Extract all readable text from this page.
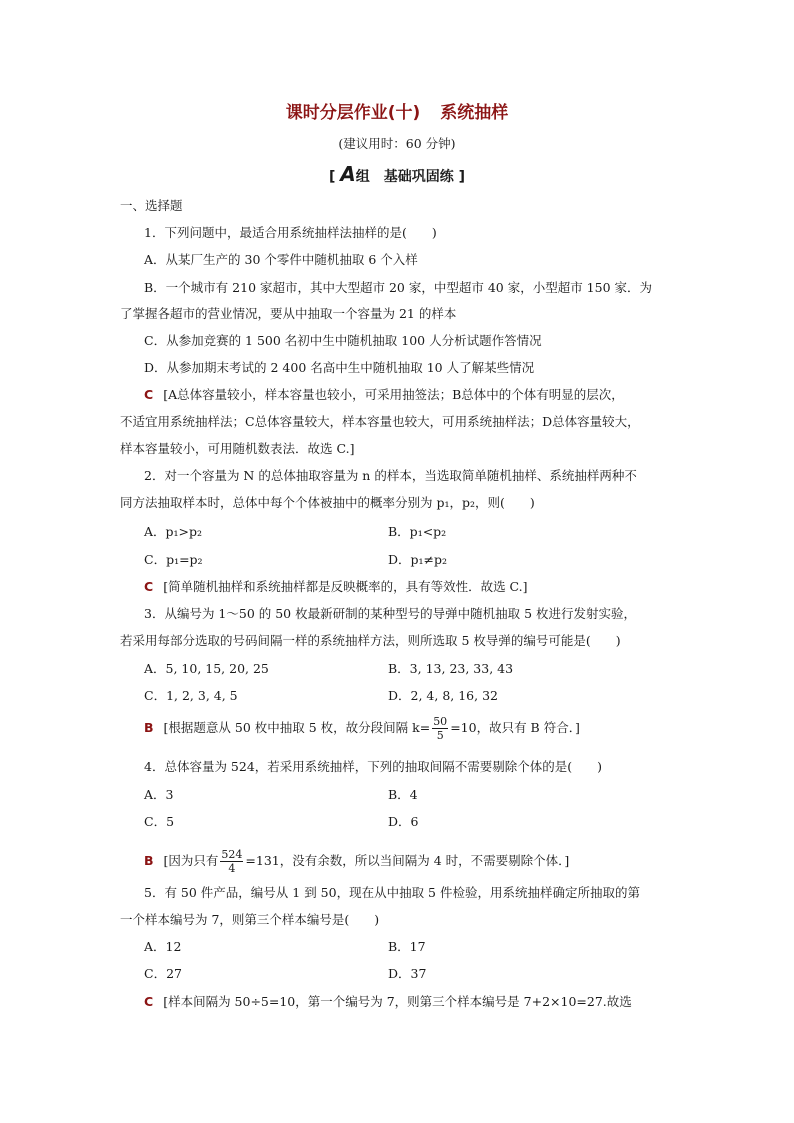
课时分层作业(十) 系统抽样
(建议用时：60 分钟)
[ A组　基础巩固练 ]
一、选择题
1．下列问题中，最适合用系统抽样法抽样的是(　　)
A．从某厂生产的 30 个零件中随机抽取 6 个入样
B．一个城市有 210 家超市，其中大型超市 20 家，中型超市 40 家，小型超市 150 家．为
了掌握各超市的营业情况，要从中抽取一个容量为 21 的样本
C．从参加竞赛的 1 500 名初中生中随机抽取 100 人分析试题作答情况
D．从参加期末考试的 2 400 名高中生中随机抽取 10 人了解某些情况
C [A总体容量较小，样本容量也较小，可采用抽签法；B总体中的个体有明显的层次，
不适宜用系统抽样法；C总体容量较大，样本容量也较大，可用系统抽样法；D总体容量较大，
样本容量较小，可用随机数表法．故选 C.]
2．对一个容量为 N 的总体抽取容量为 n 的样本，当选取简单随机抽样、系统抽样两种不
同方法抽取样本时，总体中每个个体被抽中的概率分别为 p₁，p₂，则(　　)
A．p₁>p₂	B．p₁<p₂
C．p₁=p₂	D．p₁≠p₂
C [简单随机抽样和系统抽样都是反映概率的，具有等效性．故选 C.]
3．从编号为 1～50 的 50 枚最新研制的某种型号的导弹中随机抽取 5 枚进行发射实验，
若采用每部分选取的号码间隔一样的系统抽样方法，则所选取 5 枚导弹的编号可能是(　　)
A．5, 10, 15, 20, 25	B．3, 13, 23, 33, 43
C．1, 2, 3, 4, 5	D．2, 4, 8, 16, 32
B [根据题意从 50 枚中抽取 5 枚，故分段间隔 $k= \frac{50}{5} =10$，故只有 B 符合．]
4．总体容量为 524，若采用系统抽样，下列的抽取间隔不需要剔除个体的是(　　)
A．3	B．4
C．5	D．6
B [因为只有 $\frac{524}{4} =131$，没有余数，所以当间隔为 4 时，不需要剔除个体．]
5．有 50 件产品，编号从 1 到 50，现在从中抽取 5 件检验，用系统抽样确定所抽取的第
一个样本编号为 7，则第三个样本编号是(　　)
A．12	B．17
C．27	D．37
C [样本间隔为 50÷5=10，第一个编号为 7，则第三个样本编号是 7+2×10=27.故选
